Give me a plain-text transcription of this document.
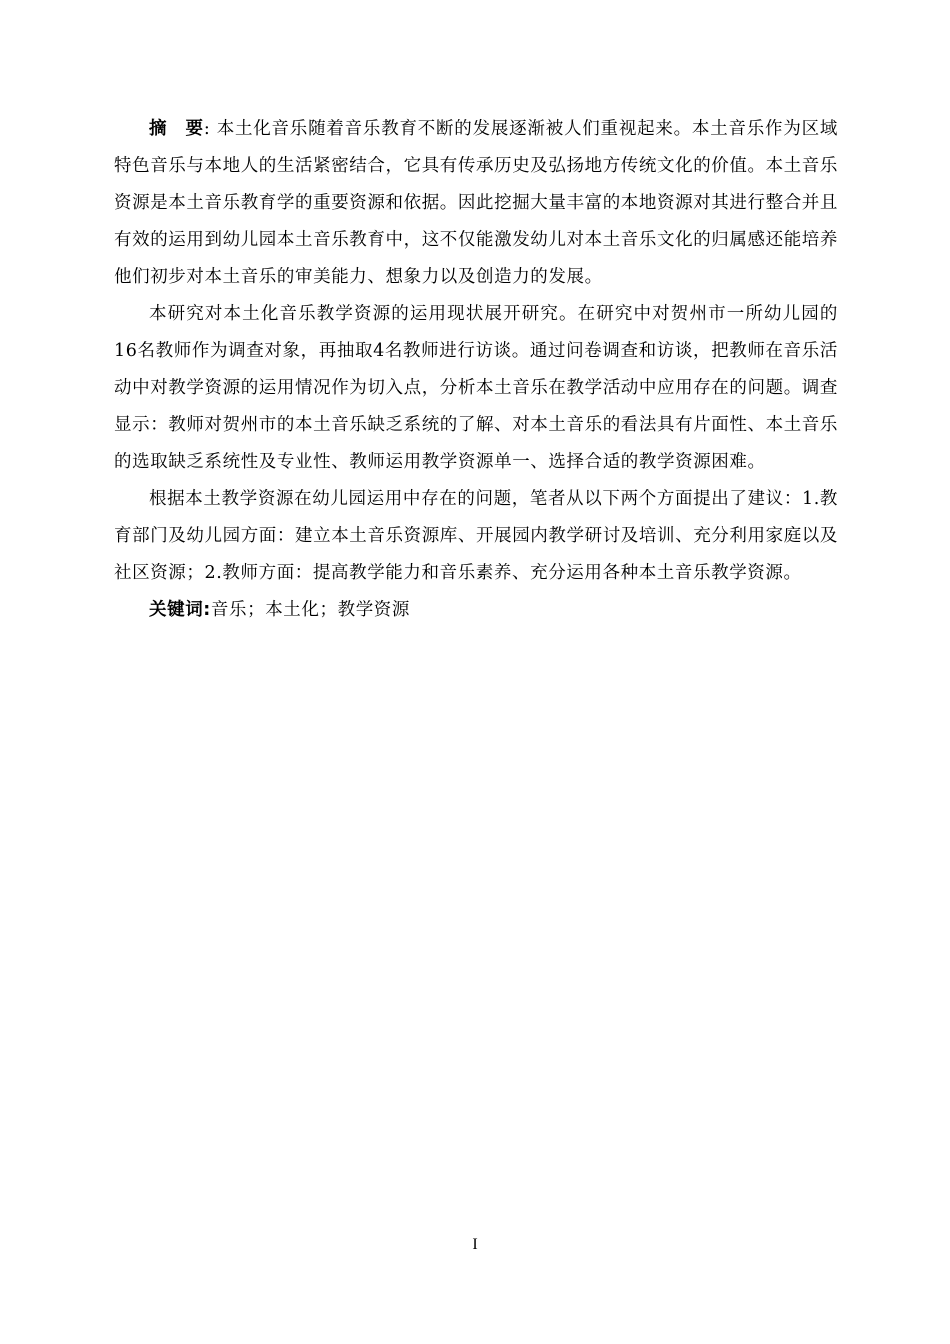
摘　要: 本土化音乐随着音乐教育不断的发展逐渐被人们重视起来。本土音乐作为区域特色音乐与本地人的生活紧密结合，它具有传承历史及弘扬地方传统文化的价值。本土音乐资源是本土音乐教育学的重要资源和依据。因此挖掘大量丰富的本地资源对其进行整合并且有效的运用到幼儿园本土音乐教育中，这不仅能激发幼儿对本土音乐文化的归属感还能培养他们初步对本土音乐的审美能力、想象力以及创造力的发展。

本研究对本土化音乐教学资源的运用现状展开研究。在研究中对贺州市一所幼儿园的16名教师作为调查对象，再抽取4名教师进行访谈。通过问卷调查和访谈，把教师在音乐活动中对教学资源的运用情况作为切入点，分析本土音乐在教学活动中应用存在的问题。调查显示：教师对贺州市的本土音乐缺乏系统的了解、对本土音乐的看法具有片面性、本土音乐的选取缺乏系统性及专业性、教师运用教学资源单一、选择合适的教学资源困难。

根据本土教学资源在幼儿园运用中存在的问题，笔者从以下两个方面提出了建议：1.教育部门及幼儿园方面：建立本土音乐资源库、开展园内教学研讨及培训、充分利用家庭以及社区资源；2.教师方面：提高教学能力和音乐素养、充分运用各种本土音乐教学资源。

关键词:音乐；本土化；教学资源

I
